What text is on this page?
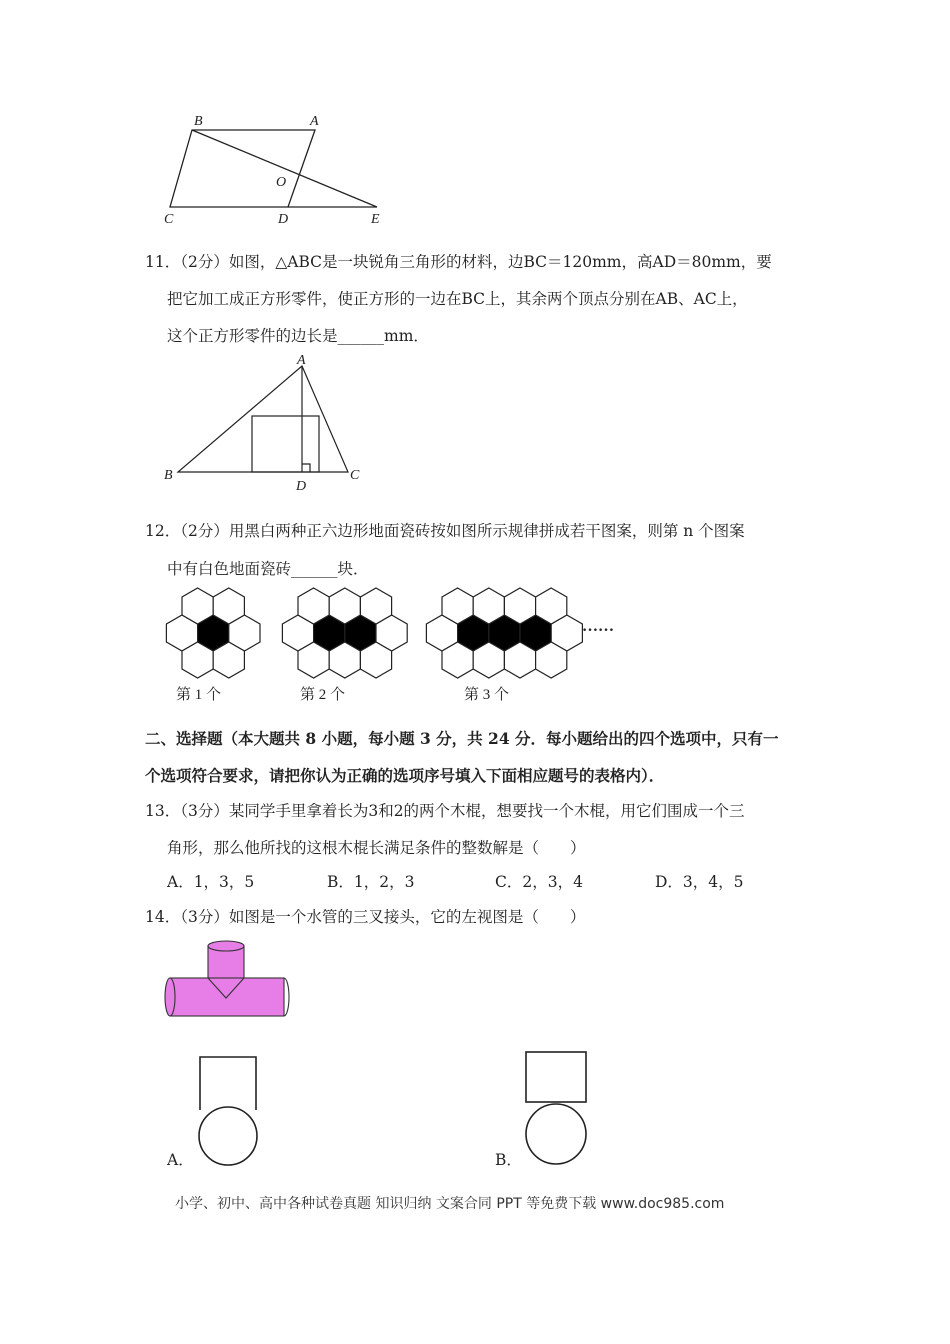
B	A
O
C	D	E
11．（2分）如图，△ABC是一块锐角三角形的材料，边BC＝120mm，高AD＝80mm，要
把它加工成正方形零件，使正方形的一边在BC上，其余两个顶点分别在AB、AC上，
这个正方形零件的边长是______mm．
A
B	C
D
12．（2分）用黑白两种正六边形地面瓷砖按如图所示规律拼成若干图案，则第 n 个图案
中有白色地面瓷砖______块．
……
第 1 个	第 2 个	第 3 个
二、选择题（本大题共 8 小题，每小题 3 分，共 24 分．每小题给出的四个选项中，只有一
个选项符合要求，请把你认为正确的选项序号填入下面相应题号的表格内）．
13．（3分）某同学手里拿着长为3和2的两个木棍，想要找一个木棍，用它们围成一个三
角形，那么他所找的这根木棍长满足条件的整数解是（　　）
A．1，3，5	B．1，2，3	C．2，3，4	D．3，4，5
14．（3分）如图是一个水管的三叉接头，它的左视图是（　　）
A．	B．
小学、初中、高中各种试卷真题 知识归纳 文案合同 PPT 等免费下载 www.doc985.com
